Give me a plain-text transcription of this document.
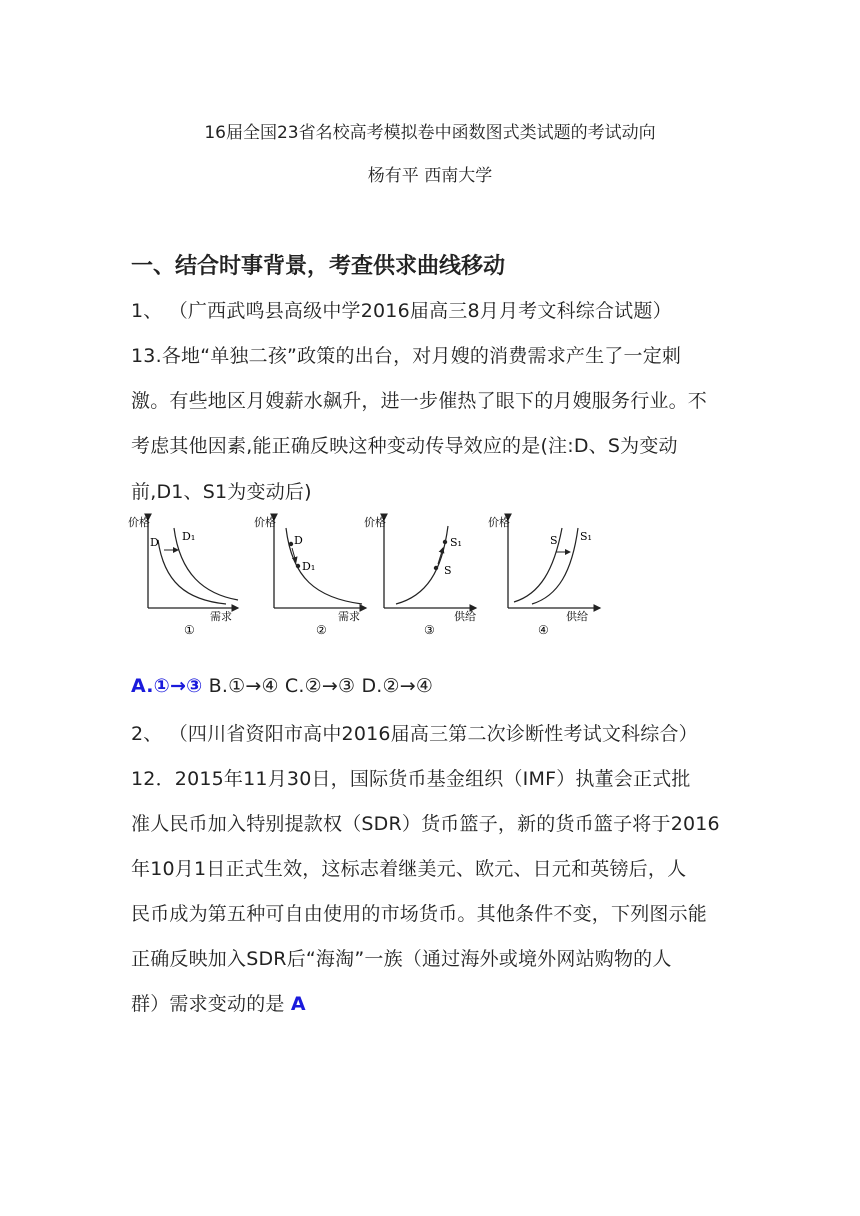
16届全国23省名校高考模拟卷中函数图式类试题的考试动向
杨有平 西南大学
一、结合时事背景，考查供求曲线移动
1、 （广西武鸣县高级中学2016届高三8月月考文科综合试题）
13.各地“单独二孩”政策的出台，对月嫂的消费需求产生了一定刺
激。有些地区月嫂薪水飙升，进一步催热了眼下的月嫂服务行业。不
考虑其他因素,能正确反映这种变动传导效应的是(注:D、S为变动
前,D1、S1为变动后)
价格
D D₁
需求
①
价格
D
D₁
需求
②
价格
S
S₁
供给
③
价格
S S₁
供给
④
A.①→③ B.①→④ C.②→③ D.②→④
2、 （四川省资阳市高中2016届高三第二次诊断性考试文科综合）
12．2015年11月30日，国际货币基金组织（IMF）执董会正式批
准人民币加入特别提款权（SDR）货币篮子，新的货币篮子将于2016
年10月1日正式生效，这标志着继美元、欧元、日元和英镑后，人
民币成为第五种可自由使用的市场货币。其他条件不变，下列图示能
正确反映加入SDR后“海淘”一族（通过海外或境外网站购物的人
群）需求变动的是 A
